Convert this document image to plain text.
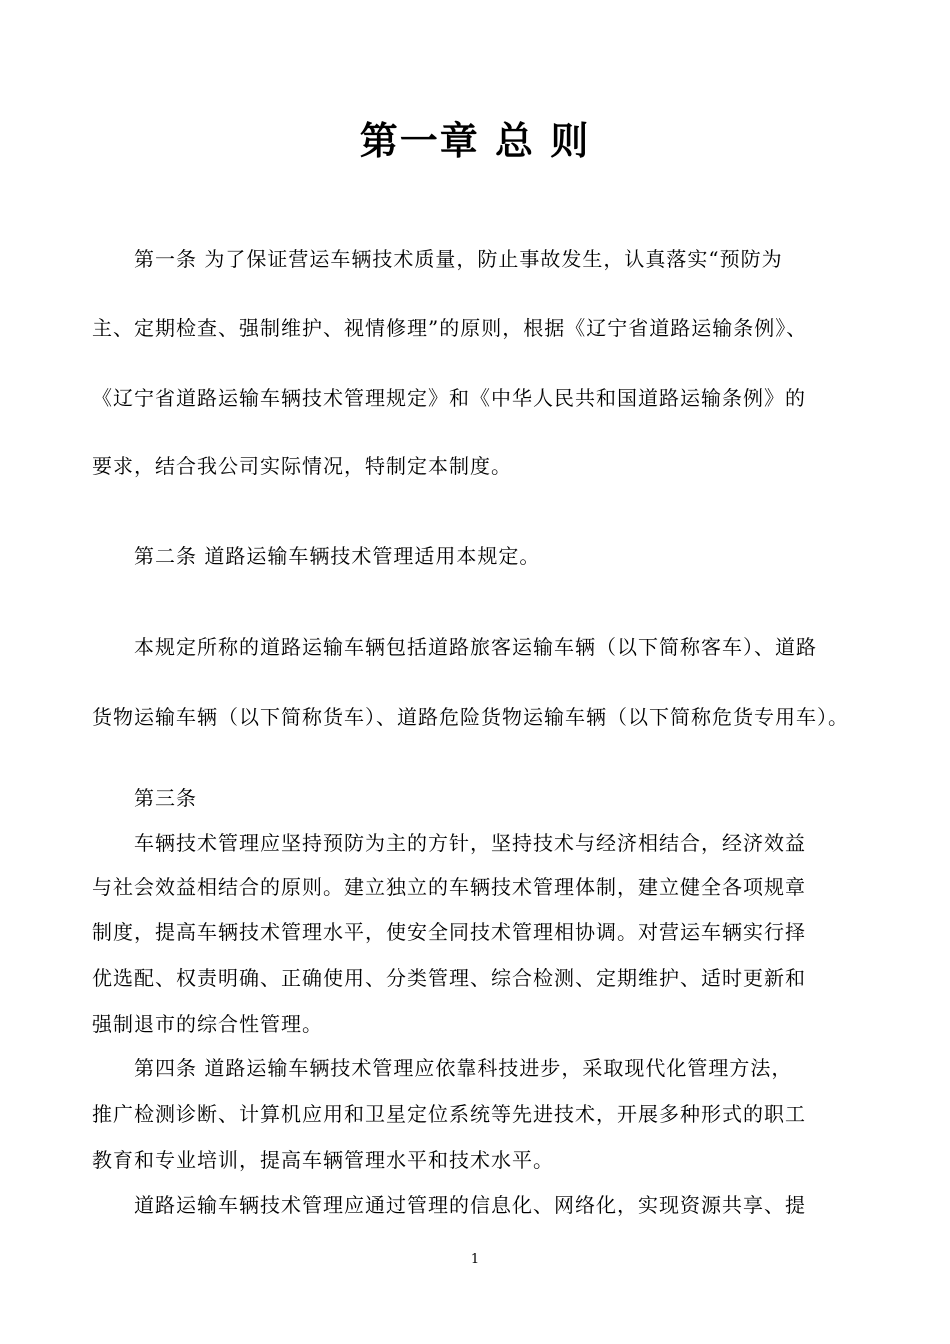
第一章 总 则
第一条 为了保证营运车辆技术质量，防止事故发生，认真落实“预防为
主、定期检查、强制维护、视情修理”的原则，根据《辽宁省道路运输条例》、
《辽宁省道路运输车辆技术管理规定》和《中华人民共和国道路运输条例》的
要求，结合我公司实际情况，特制定本制度。
第二条 道路运输车辆技术管理适用本规定。
本规定所称的道路运输车辆包括道路旅客运输车辆（以下简称客车）、道路
货物运输车辆（以下简称货车）、道路危险货物运输车辆（以下简称危货专用车）。
第三条
车辆技术管理应坚持预防为主的方针，坚持技术与经济相结合，经济效益
与社会效益相结合的原则。建立独立的车辆技术管理体制，建立健全各项规章
制度，提高车辆技术管理水平，使安全同技术管理相协调。对营运车辆实行择
优选配、权责明确、正确使用、分类管理、综合检测、定期维护、适时更新和
强制退市的综合性管理。
第四条 道路运输车辆技术管理应依靠科技进步，采取现代化管理方法，
推广检测诊断、计算机应用和卫星定位系统等先进技术，开展多种形式的职工
教育和专业培训，提高车辆管理水平和技术水平。
道路运输车辆技术管理应通过管理的信息化、网络化，实现资源共享、提
1
